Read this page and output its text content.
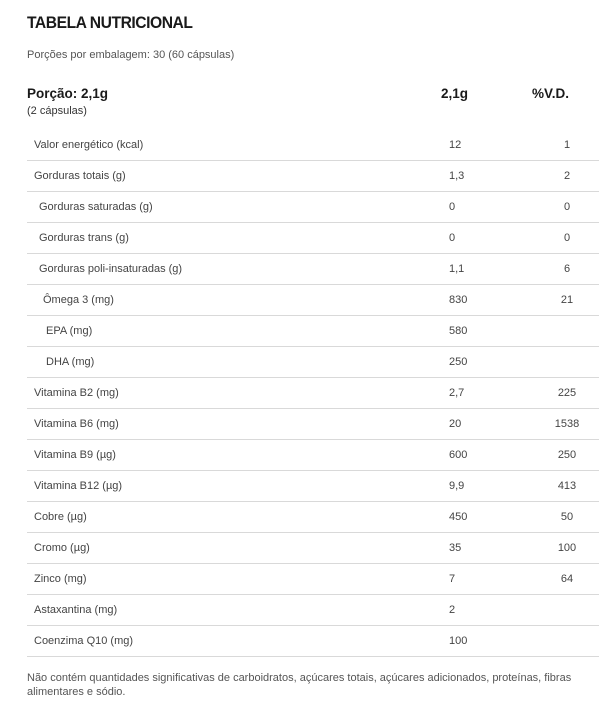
TABELA NUTRICIONAL
Porções por embalagem: 30 (60 cápsulas)
Porção: 2,1g
(2 cápsulas)
2,1g	%V.D.
Valor energético (kcal)	12	1
Gorduras totais (g)	1,3	2
Gorduras saturadas (g)	0	0
Gorduras trans (g)	0	0
Gorduras poli-insaturadas (g)	1,1	6
Ômega 3 (mg)	830	21
EPA (mg)	580
DHA (mg)	250
Vitamina B2 (mg)	2,7	225
Vitamina B6 (mg)	20	1538
Vitamina B9 (µg)	600	250
Vitamina B12 (µg)	9,9	413
Cobre (µg)	450	50
Cromo (µg)	35	100
Zinco (mg)	7	64
Astaxantina (mg)	2
Coenzima Q10 (mg)	100
Não contém quantidades significativas de carboidratos, açúcares totais, açúcares adicionados, proteínas, fibras alimentares e sódio.
